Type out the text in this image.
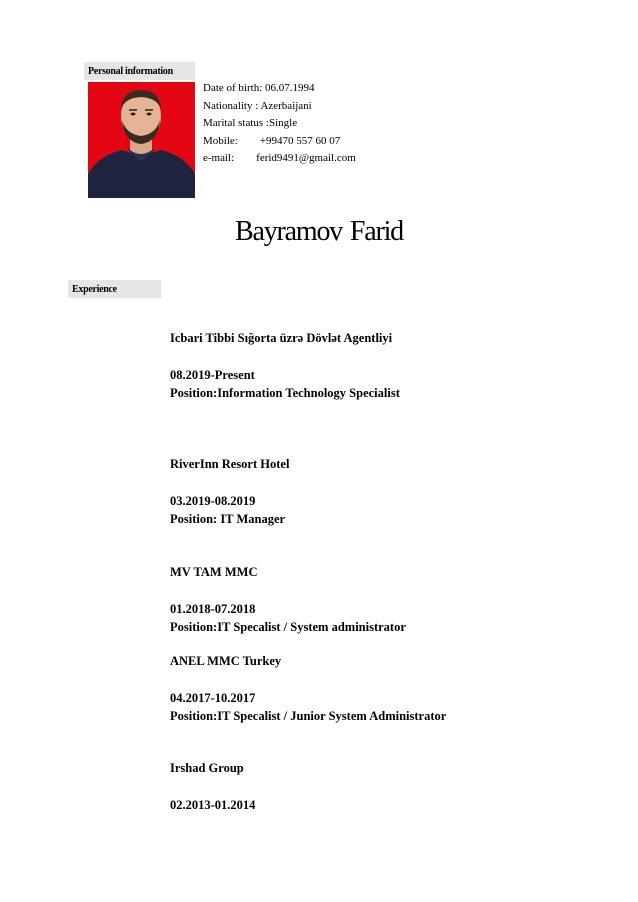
Personal information
Date of birth: 06.07.1994
Nationality : Azerbaijani
Marital status :Single
Mobile: +99470 557 60 07
e-mail: ferid9491@gmail.com
Bayramov Farid
Experience
Icbari Tibbi Sığorta üzrə Dövlət Agentliyi
08.2019-Present
Position:Information Technology Specialist
RiverInn Resort Hotel
03.2019-08.2019
Position: IT Manager
MV TAM MMC
01.2018-07.2018
Position:IT Specalist / System administrator
ANEL MMC Turkey
04.2017-10.2017
Position:IT Specalist / Junior System Administrator
Irshad Group
02.2013-01.2014
